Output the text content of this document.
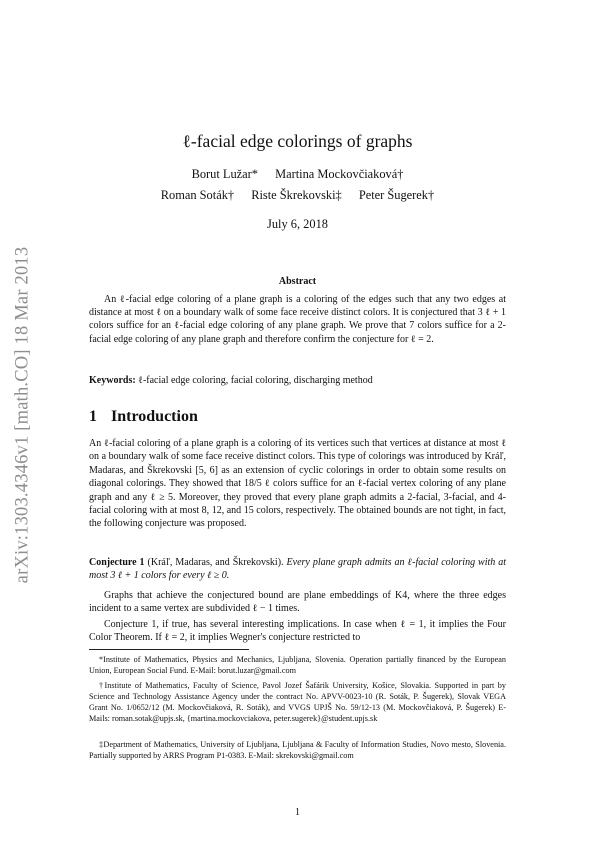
arXiv:1303.4346v1 [math.CO] 18 Mar 2013
ℓ-facial edge colorings of graphs
Borut Lužar* Martina Mockovčiaková†
Roman Soták† Riste Škrekovski‡ Peter Šugerek†
July 6, 2018
Abstract
An ℓ-facial edge coloring of a plane graph is a coloring of the edges such that any two edges at distance at most ℓ on a boundary walk of some face receive distinct colors. It is conjectured that 3 ℓ + 1 colors suffice for an ℓ-facial edge coloring of any plane graph. We prove that 7 colors suffice for a 2-facial edge coloring of any plane graph and therefore confirm the conjecture for ℓ = 2.
Keywords: ℓ-facial edge coloring, facial coloring, discharging method
1 Introduction
An ℓ-facial coloring of a plane graph is a coloring of its vertices such that vertices at distance at most ℓ on a boundary walk of some face receive distinct colors. This type of colorings was introduced by Kráľ, Madaras, and Škrekovski [5, 6] as an extension of cyclic colorings in order to obtain some results on diagonal colorings. They showed that 18/5 ℓ colors suffice for an ℓ-facial vertex coloring of any plane graph and any ℓ ≥ 5. Moreover, they proved that every plane graph admits a 2-facial, 3-facial, and 4-facial coloring with at most 8, 12, and 15 colors, respectively. The obtained bounds are not tight, in fact, the following conjecture was proposed.
Conjecture 1 (Kráľ, Madaras, and Škrekovski). Every plane graph admits an ℓ-facial coloring with at most 3 ℓ + 1 colors for every ℓ ≥ 0.
Graphs that achieve the conjectured bound are plane embeddings of K4, where the three edges incident to a same vertex are subdivided ℓ − 1 times.
Conjecture 1, if true, has several interesting implications. In case when ℓ = 1, it implies the Four Color Theorem. If ℓ = 2, it implies Wegner's conjecture restricted to
*Institute of Mathematics, Physics and Mechanics, Ljubljana, Slovenia. Operation partially financed by the European Union, European Social Fund. E-Mail: borut.luzar@gmail.com
†Institute of Mathematics, Faculty of Science, Pavol Jozef Šafárik University, Košice, Slovakia. Supported in part by Science and Technology Assistance Agency under the contract No. APVV-0023-10 (R. Soták, P. Šugerek), Slovak VEGA Grant No. 1/0652/12 (M. Mockovčiaková, R. Soták), and VVGS UPJŠ No. 59/12-13 (M. Mockovčiaková, P. Šugerek) E-Mails: roman.sotak@upjs.sk, {martina.mockovciakova, peter.sugerek}@student.upjs.sk
‡Department of Mathematics, University of Ljubljana, Ljubljana & Faculty of Information Studies, Novo mesto, Slovenia. Partially supported by ARRS Program P1-0383. E-Mail: skrekovski@gmail.com
1
